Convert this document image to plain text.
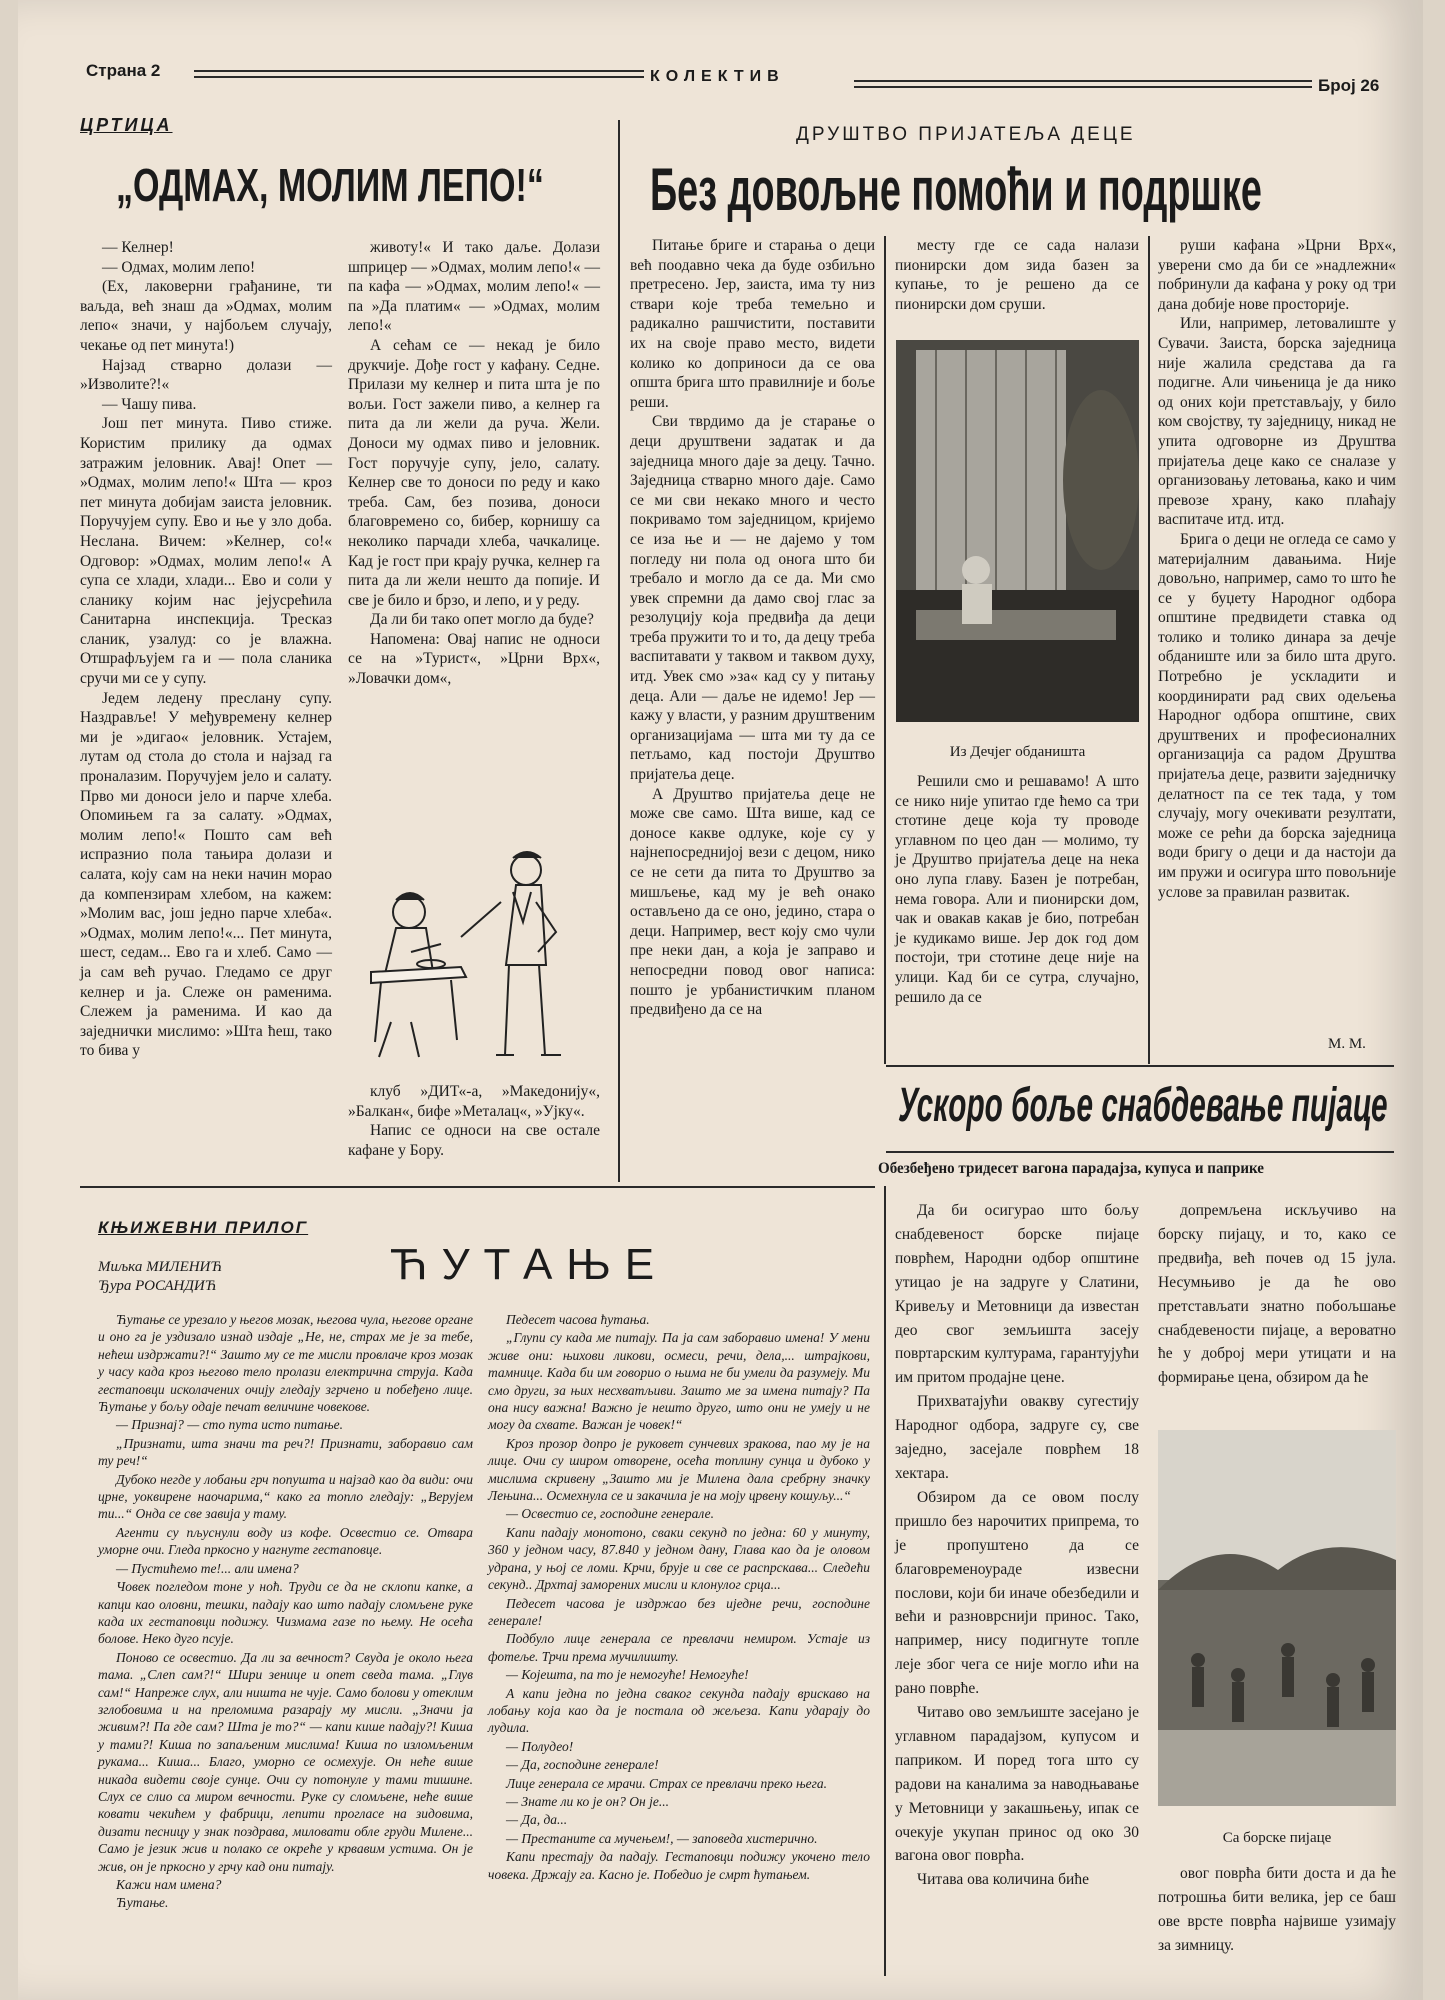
Страна 2	КОЛЕКТИВ	Број 26
ЦРТИЦА
„ОДМАХ, МОЛИМ ЛЕПО!“

— Келнер!

— Одмах, молим лепо!

(Ех, лаковерни грађанине, ти ваљда, већ знаш да »Одмах, молим лепо« значи, у најбољем случају, чекање од пет минута!)

Најзад стварно долази — »Изволите?!«

— Чашу пива.

Још пет минута. Пиво стиже. Користим прилику да одмах затражим јеловник. Авај! Опет — »Одмах, молим лепо!« Шта — кроз пет минута добијам заиста јеловник. Поручујем супу. Ево и ње у зло доба. Неслана. Вичем: »Келнер, со!« Одговор: »Одмах, молим лепо!« А супа се хлади, хлади... Ево и соли у сланику којим нас јејусрећила Санитарна инспекција. Тресказ сланик, узалуд: со је влажна. Отшрафљујем га и — пола сланика сручи ми се у супу.

Једем ледену преслану супу. Наздравље! У међувремену келнер ми је »дигао« јеловник. Устајем, лутам од стола до стола и најзад га проналазим. Поручујем јело и салату. Прво ми доноси јело и парче хлеба. Опомињем га за салату. »Одмах, молим лепо!« Пошто сам већ испразнио пола тањира долази и салата, коју сам на неки начин морао да компензирам хлебом, на кажем: »Молим вас, још једно парче хлеба«. »Одмах, молим лепо!«... Пет минута, шест, седам... Ево га и хлеб. Само — ја сам већ ручао. Гледамо се друг келнер и ја. Слеже он раменима. Слежем ја раменима. И као да заједнички мислимо: »Шта ћеш, тако то бива у

животу!« И тако даље. Долази шприцер — »Одмах, молим лепо!« — па кафа — »Одмах, молим лепо!« — па »Да платим« — »Одмах, молим лепо!«

А сећам се — некад је било друкчије. Дође гост у кафану. Седне. Прилази му келнер и пита шта је по вољи. Гост зажели пиво, а келнер га пита да ли жели да руча. Жели. Доноси му одмах пиво и јеловник. Гост поручује супу, јело, салату. Келнер све то доноси по реду и како треба. Сам, без позива, доноси благовремено со, бибер, корнишу са неколико парчади хлеба, чачкалице. Кад је гост при крају ручка, келнер га пита да ли жели нешто да попије. И све је било и брзо, и лепо, и у реду.

Да ли би тако опет могло да буде?

Напомена: Овај напис не односи се на »Турист«, »Црни Врх«, »Ловачки дом«,

клуб »ДИТ«-а, »Македонију«, »Балкан«, бифе »Металац«, »Ујку«.

Напис се односи на све остале кафане у Бору.

ДРУШТВО ПРИЈАТЕЉА ДЕЦЕ
Без довољне помоћи и подршке

Питање бриге и старања о деци већ поодавно чека да буде озбиљно претресено. Јер, заиста, има ту низ ствари које треба темељно и радикално рашчистити, поставити их на своје право место, видети колико ко доприноси да се ова општа брига што правилније и боље реши.

Сви тврдимо да је старање о деци друштвени задатак и да заједница много даје за децу. Тачно. Заједница стварно много даје. Само се ми сви некако много и често покривамо том заједницом, кријемо се иза ње и — не дајемо у том погледу ни пола од онога што би требало и могло да се да. Ми смо увек спремни да дамо свој глас за резолуцију која предвиђа да деци треба пружити то и то, да децу треба васпитавати у таквом и таквом духу, итд. Увек смо »за« кад су у питању деца. Али — даље не идемо! Јер — кажу у власти, у разним друштвеним организацијама — шта ми ту да се петљамо, кад постоји Друштво пријатеља деце.

А Друштво пријатеља деце не може све само. Шта више, кад се доносе какве одлуке, које су у најнепосреднијој вези с децом, нико се не сети да пита то Друштво за мишљење, кад му је већ онако остављено да се оно, једино, стара о деци. Например, вест коју смо чули пре неки дан, а која је заправо и непосредни повод овог написа: пошто је урбанистичким планом предвиђено да се на

месту где се сада налази пионирски дом зида базен за купање, то је решено да се пионирски дом сруши.

Из Дечјег обданишта

Решили смо и решавамо! А што се нико није упитао где ћемо са три стотине деце која ту проводе углавном по цео дан — молимо, ту је Друштво пријатеља деце на нека оно лупа главу. Базен је потребан, нема говора. Али и пионирски дом, чак и овакав какав је био, потребан је кудикамо више. Јер док год дом постоји, три стотине деце није на улици. Кад би се сутра, случајно, решило да се

руши кафана »Црни Врх«, уверени смо да би се »надлежни« побринули да кафана у року од три дана добије нове просторије.

Или, например, летовалиште у Сувачи. Заиста, борска заједница није жалила средстава да га подигне. Али чињеница је да нико од оних који претстављају, у било ком својству, ту заједницу, никад не упита одговорне из Друштва пријатеља деце како се сналазе у организовању летовања, како и чим превозе храну, како плаћају васпитаче итд. итд.

Брига о деци не огледа се само у материјалним давањима. Није довољно, например, само то што ће се у буџету Народног одбора општине предвидети ставка од толико и толико динара за дечје обданиште или за било шта друго. Потребно је ускладити и координирати рад свих одељења Народног одбора општине, свих друштвених и професионалних организација са радом Друштва пријатеља деце, развити заједничку делатност па се тек тада, у том случају, могу очекивати резултати, може се рећи да борска заједница води бригу о деци и да настоји да им пружи и осигура што повољније услове за правилан развитак.

М. М.
Ускоро боље снабдевање пијаце
Обезбеђено тридесет вагона парадајза, купуса и паприке

Да би осигурао што бољу снабдевеност борске пијаце поврћем, Народни одбор општине утицао је на задруге у Слатини, Кривељу и Метовници да известан део свог земљишта засеју повртарским културама, гарантујући им притом продајне цене.

Прихватајући овакву сугестију Народног одбора, задруге су, све заједно, засејале поврћем 18 хектара.

Обзиром да се овом послу пришло без нарочитих припрема, то је пропуштено да се благовременоураде извесни послови, који би иначе обезбедили и већи и разноврснији принос. Тако, например, нису подигнуте топле леје због чега се није могло ићи на рано поврће.

Читаво ово земљиште засејано је углавном парадајзом, купусом и паприком. И поред тога што су радови на каналима за наводњавање у Метовници у закашњењу, ипак се очекује укупан принос од око 30 вагона овог поврћа.

Читава ова количина биће

допремљена искључиво на борску пијацу, и то, како се предвиђа, већ почев од 15 јула. Несумњиво је да ће ово претстављати знатно побољшање снабдевености пијаце, а вероватно ће у доброј мери утицати и на формирање цена, обзиром да ће

Са борске пијаце

овог поврћа бити доста и да ће потрошња бити велика, јер се баш ове врсте поврћа највише узимају за зимницу.

КЊИЖЕВНИ ПРИЛОГ
Миљка МИЛЕНИЋ
Ђура РОСАНДИЋ	ЋУТАЊЕ

Ћутање се урезало у његов мозак, његова чула, његове органе и оно га је уздизало изнад издаје „Не, не, страх ме је за тебе, нећеш издржати?!“ Зашто му се те мисли провлаче кроз мозак у часу када кроз његово тело пролази електрична струја. Када гестаповци исколачених очију гледају згрчено и побеђено лице. Ћутање у бољу одаје печат величине човекове.

— Признај? — сто пута исто питање.

„Признати, шта значи та реч?! Признати, заборавио сам ту реч!“

Дубоко негде у лобањи грч попушта и најзад као да види: очи црне, уоквирене наочарима,“ како га топло гледају: „Верујем ти...“ Онда се све завија у таму.

Агенти су пљуснули воду из кофе. Освестио се. Отвара уморне очи. Гледа пркосно у нагнуте гестаповце.

— Пустићемо те!... али имена?

Човек погледом тоне у ноћ. Труди се да не склопи капке, а капци као оловни, тешки, падају као што падају сломљене руке када их гестаповци подижу. Чизмама газе по њему. Не осећа болове. Неко дуго псује.

Поново се освестио. Да ли за вечност? Свуда је около њега тама. „Слеп сам?!“ Шири зенице и опет сведа тама. „Глув сам!“ Напреже слух, али ништа не чује. Само болови у отеклим зглобовима и на преломима разарају му мисли. „Значи ја живим?! Па где сам? Шта је то?“ — капи кише падају?! Киша у тами?! Киша по запаљеним мислима! Киша по изломљеним рукама... Киша... Благо, уморно се осмехује. Он неће више никада видети своје сунце. Очи су потонуле у тами тишине. Слух се слио са миром вечности. Руке су сломљене, неће више ковати чекићем у фабрици, лепити прогласе на зидовима, дизати песницу у знак поздрава, миловати обле груди Милене... Само је језик жив и полако се окреће у крвавим устима. Он је жив, он је пркосно у грчу кад они питају.

Кажи нам имена?

Ћутање.

Педесет часова ћутања.

„Глупи су када ме питају. Па ја сам заборавио имена! У мени живе они: њихови ликови, осмеси, речи, дела,... штрајкови, тамнице. Када би им говорио о њима не би умели да разумеју. Ми смо други, за њих несхватљиви. Зашто ме за имена питају? Па она нису важна! Важно је нешто друго, што они не умеју и не могу да схвате. Важан је човек!“

Кроз прозор допро је руковет сунчевих зракова, пао му је на лице. Очи су широм отворене, осећа топлину сунца и дубоко у мислима скривену „Зашто ми је Милена дала сребрну значку Лењина... Осмехнула се и закачила је на моју црвену кошуљу...“

— Освестио се, господине генерале.

Капи падају монотоно, сваки секунд по једна: 60 у минуту, 360 у једном часу, 87.840 у једном дану, Глава као да је оловом удрана, у њој се ломи. Крчи, брује и све се распрскава... Следећи секунд.. Дрхтај заморених мисли и клонулог срца...

Педесет часова је издржао без иједне речи, господине генерале!

Подбуло лице генерала се превлачи немиром. Устаје из фотеље. Трчи према мучилишту.

— Којешта, па то је немогуће! Немогуће!

А капи једна по једна сваког секунда падају врискаво на лобању која као да је постала од жељеза. Капи ударају до лудила.

— Полудео!

— Да, господине генерале!

Лице генерала се мрачи. Страх се превлачи преко њега.

— Знате ли ко је он? Он је...

— Да, да...

— Престаните са мучењем!, — заповеда хистерично.

Капи престају да падају. Гестаповци подижу укочено тело човека. Држају га. Касно је. Победио је смрт ћутањем.
